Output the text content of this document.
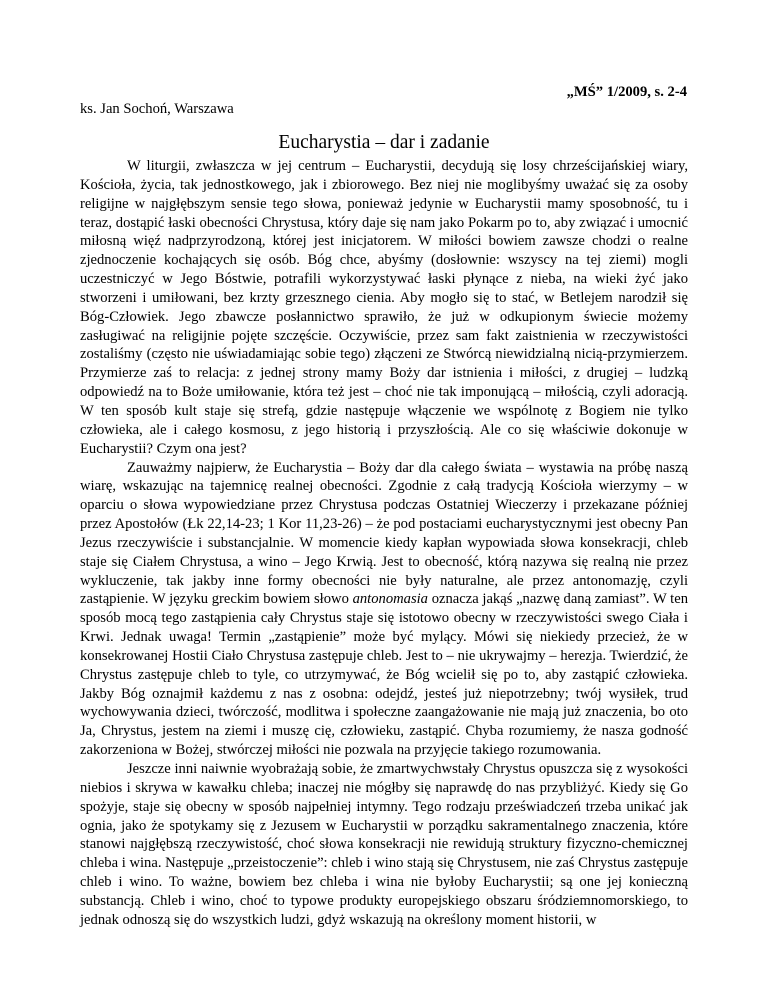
„MŚ” 1/2009, s. 2-4

ks. Jan Sochoń, Warszawa

Eucharystia – dar i zadanie

W liturgii, zwłaszcza w jej centrum – Eucharystii, decydują się losy chrześcijańskiej wiary, Kościoła, życia, tak jednostkowego, jak i zbiorowego. Bez niej nie moglibyśmy uważać się za osoby religijne w najgłębszym sensie tego słowa, ponieważ jedynie w Eucharystii mamy sposobność, tu i teraz, dostąpić łaski obecności Chrystusa, który daje się nam jako Pokarm po to, aby związać i umocnić miłosną więź nadprzyrodzoną, której jest inicjatorem. W miłości bowiem zawsze chodzi o realne zjednoczenie kochających się osób. Bóg chce, abyśmy (dosłownie: wszyscy na tej ziemi) mogli uczestniczyć w Jego Bóstwie, potrafili wykorzystywać łaski płynące z nieba, na wieki żyć jako stworzeni i umiłowani, bez krzty grzesznego cienia. Aby mogło się to stać, w Betlejem narodził się Bóg-Człowiek. Jego zbawcze posłannictwo sprawiło, że już w odkupionym świecie możemy zasługiwać na religijnie pojęte szczęście. Oczywiście, przez sam fakt zaistnienia w rzeczywistości zostaliśmy (często nie uświadamiając sobie tego) złączeni ze Stwórcą niewidzialną nicią-przymierzem. Przymierze zaś to relacja: z jednej strony mamy Boży dar istnienia i miłości, z drugiej – ludzką odpowiedź na to Boże umiłowanie, która też jest – choć nie tak imponującą – miłością, czyli adoracją. W ten sposób kult staje się strefą, gdzie następuje włączenie we wspólnotę z Bogiem nie tylko człowieka, ale i całego kosmosu, z jego historią i przyszłością. Ale co się właściwie dokonuje w Eucharystii? Czym ona jest?

Zauważmy najpierw, że Eucharystia – Boży dar dla całego świata – wystawia na próbę naszą wiarę, wskazując na tajemnicę realnej obecności. Zgodnie z całą tradycją Kościoła wierzymy – w oparciu o słowa wypowiedziane przez Chrystusa podczas Ostatniej Wieczerzy i przekazane później przez Apostołów (Łk 22,14-23; 1 Kor 11,23-26) – że pod postaciami eucharystycznymi jest obecny Pan Jezus rzeczywiście i substancjalnie. W momencie kiedy kapłan wypowiada słowa konsekracji, chleb staje się Ciałem Chrystusa, a wino – Jego Krwią. Jest to obecność, którą nazywa się realną nie przez wykluczenie, tak jakby inne formy obecności nie były naturalne, ale przez antonomazję, czyli zastąpienie. W języku greckim bowiem słowo antonomasia oznacza jakąś „nazwę daną zamiast”. W ten sposób mocą tego zastąpienia cały Chrystus staje się istotowo obecny w rzeczywistości swego Ciała i Krwi. Jednak uwaga! Termin „zastąpienie” może być mylący. Mówi się niekiedy przecież, że w konsekrowanej Hostii Ciało Chrystusa zastępuje chleb. Jest to – nie ukrywajmy – herezja. Twierdzić, że Chrystus zastępuje chleb to tyle, co utrzymywać, że Bóg wcielił się po to, aby zastąpić człowieka. Jakby Bóg oznajmił każdemu z nas z osobna: odejdź, jesteś już niepotrzebny; twój wysiłek, trud wychowywania dzieci, twórczość, modlitwa i społeczne zaangażowanie nie mają już znaczenia, bo oto Ja, Chrystus, jestem na ziemi i muszę cię, człowieku, zastąpić. Chyba rozumiemy, że nasza godność zakorzeniona w Bożej, stwórczej miłości nie pozwala na przyjęcie takiego rozumowania.

Jeszcze inni naiwnie wyobrażają sobie, że zmartwychwstały Chrystus opuszcza się z wysokości niebios i skrywa w kawałku chleba; inaczej nie mógłby się naprawdę do nas przybliżyć. Kiedy się Go spożyje, staje się obecny w sposób najpełniej intymny. Tego rodzaju przeświadczeń trzeba unikać jak ognia, jako że spotykamy się z Jezusem w Eucharystii w porządku sakramentalnego znaczenia, które stanowi najgłębszą rzeczywistość, choć słowa konsekracji nie rewidują struktury fizyczno-chemicznej chleba i wina. Następuje „przeistoczenie”: chleb i wino stają się Chrystusem, nie zaś Chrystus zastępuje chleb i wino. To ważne, bowiem bez chleba i wina nie byłoby Eucharystii; są one jej konieczną substancją. Chleb i wino, choć to typowe produkty europejskiego obszaru śródziemnomorskiego, to jednak odnoszą się do wszystkich ludzi, gdyż wskazują na określony moment historii, w
